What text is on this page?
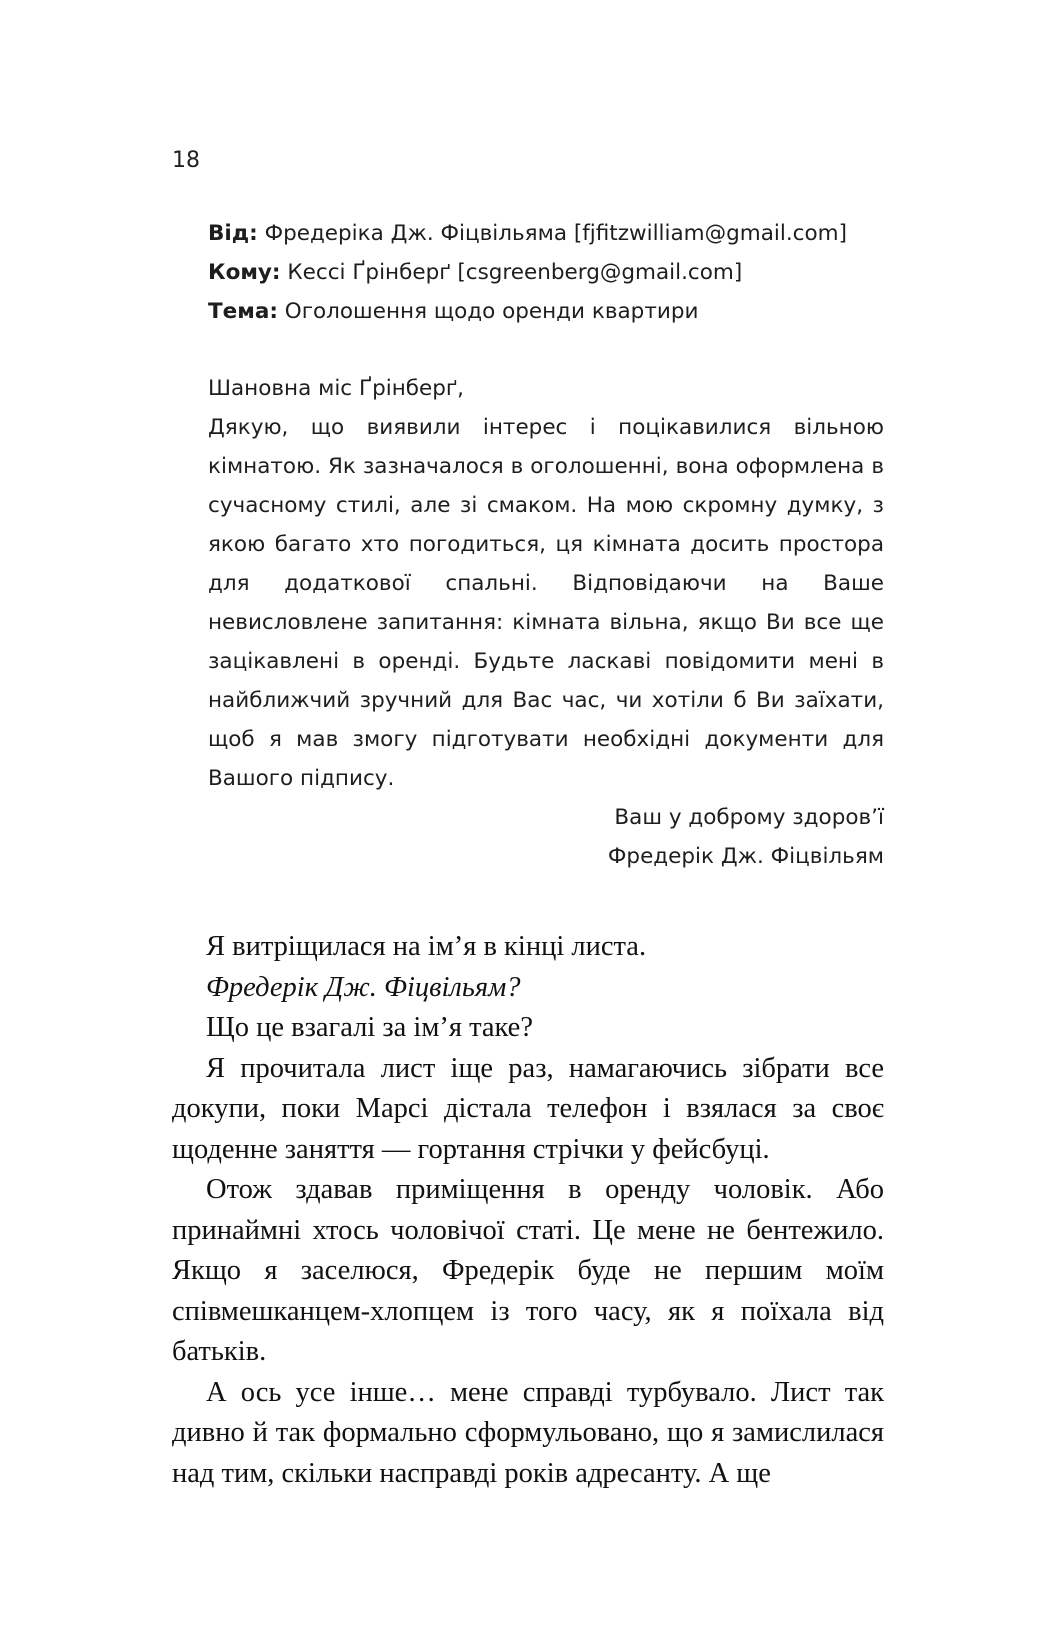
18
Від: Фредеріка Дж. Фіцвільяма [fjfitzwilliam@gmail.com]
Кому: Кессі Ґрінберґ [csgreenberg@gmail.com]
Тема: Оголошення щодо оренди квартири
Шановна міс Ґрінберґ,
Дякую, що виявили інтерес і поцікавилися вільною кімнатою. Як зазначалося в оголошенні, вона оформлена в сучасному стилі, але зі смаком. На мою скромну думку, з якою багато хто погодиться, ця кімната досить простора для додаткової спальні. Відповідаючи на Ваше невисловлене запитання: кімната вільна, якщо Ви все ще зацікавлені в оренді. Будьте ласкаві повідомити мені в найближчий зручний для Вас час, чи хотіли б Ви заїхати, щоб я мав змогу підготувати необхідні документи для Вашого підпису.
Ваш у доброму здоров’ї
Фредерік Дж. Фіцвільям

Я витріщилася на ім’я в кінці листа.

Фредерік Дж. Фіцвільям?

Що це взагалі за ім’я таке?

Я прочитала лист іще раз, намагаючись зібрати все докупи, поки Марсі дістала телефон і взялася за своє щоденне заняття — гортання стрічки у фейсбуці.

Отож здавав приміщення в оренду чоловік. Або принаймні хтось чоловічої статі. Це мене не бентежило. Якщо я заселюся, Фредерік буде не першим моїм співмешканцем-хлопцем із того часу, як я поїхала від батьків.

А ось усе інше… мене справді турбувало. Лист так дивно й так формально сформульовано, що я замислилася над тим, скільки насправді років адресанту. А ще
